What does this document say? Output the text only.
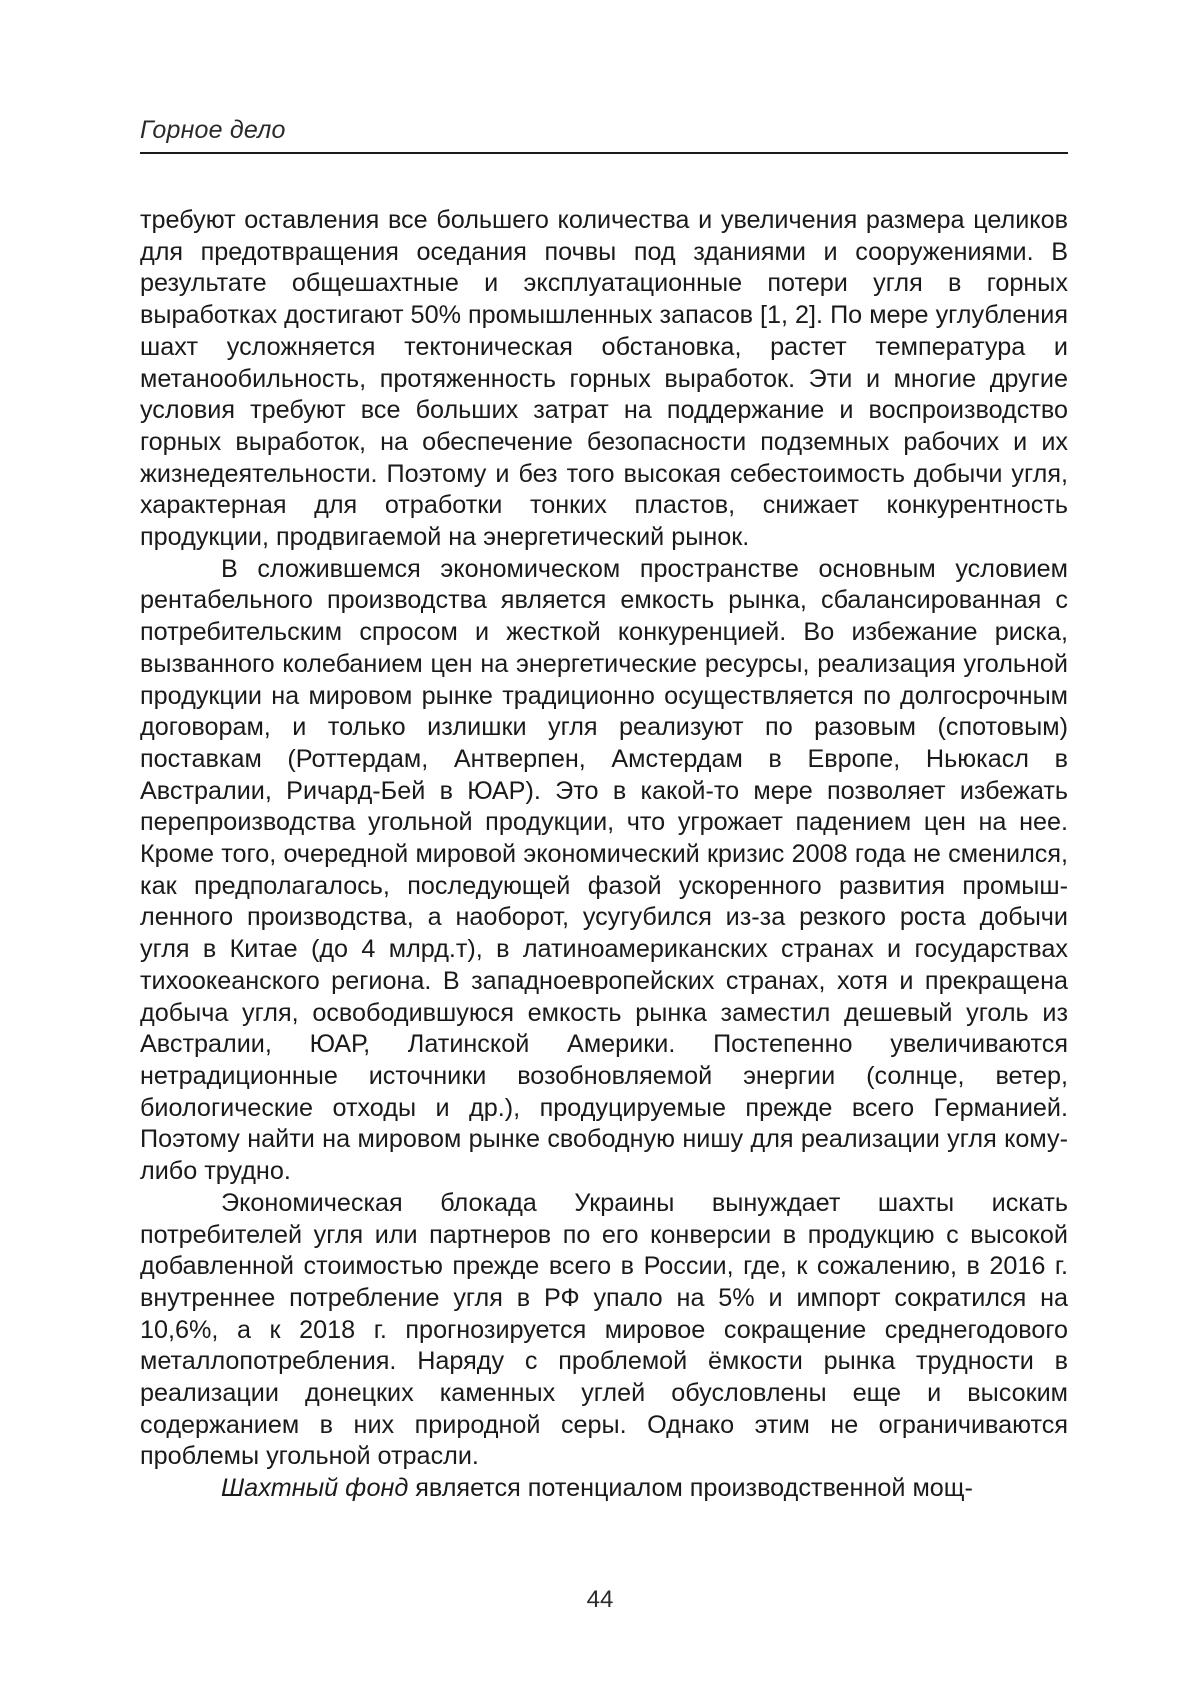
Горное дело

требуют оставления все большего количества и увеличения размера целиков для предотвращения оседания почвы под зданиями и сооружениями. В результате общешахтные и эксплуатационные потери угля в горных выработках достигают 50% промышленных запасов [1, 2]. По мере углубления шахт усложняется тектоническая обстановка, растет температура и метанообильность, протяженность горных выработок. Эти и многие другие условия требуют все больших затрат на поддержание и воспроизводство горных выработок, на обеспечение безопасности подземных рабочих и их жизнедеятельности. Поэтому и без того высокая себестоимость добычи угля, характерная для отработки тонких пластов, снижает конкурентность продукции, продвигаемой на энергетический рынок.

В сложившемся экономическом пространстве основным условием рентабельного производства является емкость рынка, сбалансированная с потребительским спросом и жесткой конкуренцией. Во избежание риска, вызванного колебанием цен на энергетические ресурсы, реализация угольной продукции на мировом рынке традиционно осуществляется по долгосрочным договорам, и только излишки угля реализуют по разовым (спотовым) поставкам (Роттердам, Антверпен, Амстердам в Европе, Ньюкасл в Австралии, Ричард-Бей в ЮАР). Это в какой-то мере позволяет избежать перепроизводства угольной продукции, что угрожает падением цен на нее. Кроме того, очередной мировой экономический кризис 2008 года не сменился, как предполагалось, последующей фазой ускоренного развития промышленного производства, а наоборот, усугубился из-за резкого роста добычи угля в Китае (до 4 млрд.т), в латиноамериканских странах и государствах тихоокеанского региона. В западноевропейских странах, хотя и прекращена добыча угля, освободившуюся емкость рынка заместил дешевый уголь из Австралии, ЮАР, Латинской Америки. Постепенно увеличиваются нетрадиционные источники возобновляемой энергии (солнце, ветер, биологические отходы и др.), продуцируемые прежде всего Германией. Поэтому найти на мировом рынке свободную нишу для реализации угля кому-либо трудно.

Экономическая блокада Украины вынуждает шахты искать потребителей угля или партнеров по его конверсии в продукцию с высокой добавленной стоимостью прежде всего в России, где, к сожалению, в 2016 г. внутреннее потребление угля в РФ упало на 5% и импорт сократился на 10,6%, а к 2018 г. прогнозируется мировое сокращение среднегодового металлопотребления. Наряду с проблемой ёмкости рынка трудности в реализации донецких каменных углей обусловлены еще и высоким содержанием в них природной серы. Однако этим не ограничиваются проблемы угольной отрасли.

Шахтный фонд является потенциалом производственной мощ-

44
